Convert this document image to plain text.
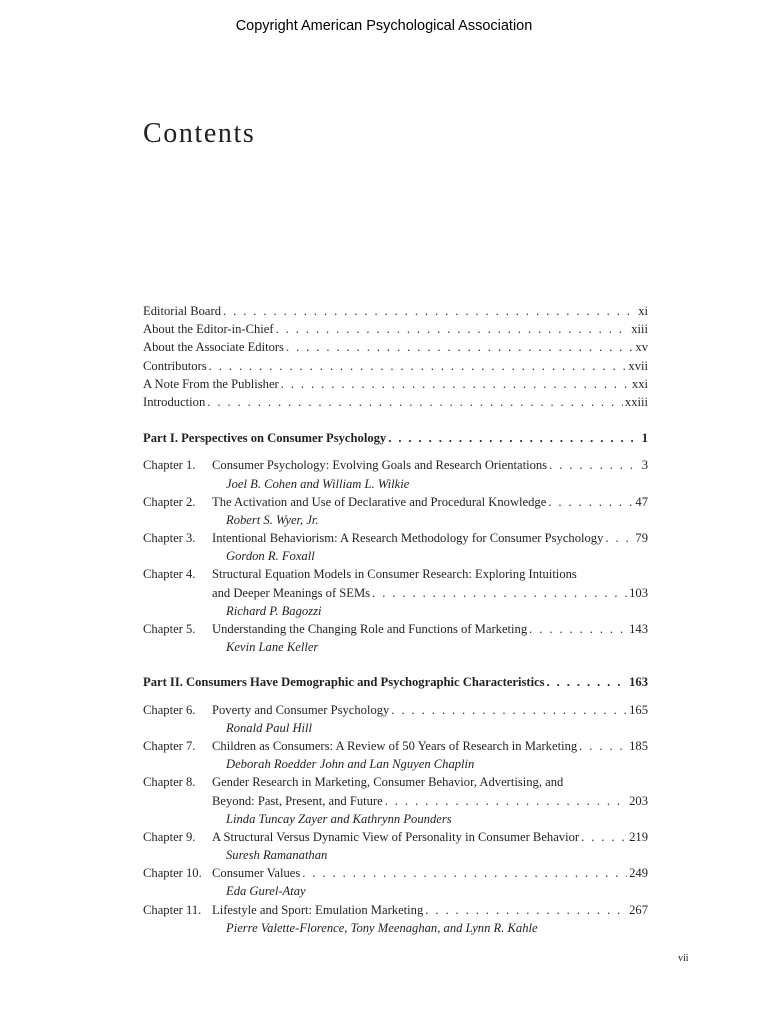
Copyright American Psychological Association
Contents
Editorial Board . . .	xi
About the Editor-in-Chief . . .	xiii
About the Associate Editors . . .	xv
Contributors . . .	xvii
A Note From the Publisher . . .	xxi
Introduction . . .	xxiii
Part I. Perspectives on Consumer Psychology . . .	1
Chapter 1.	Consumer Psychology: Evolving Goals and Research Orientations . . .	3
Joel B. Cohen and William L. Wilkie
Chapter 2.	The Activation and Use of Declarative and Procedural Knowledge . . .	47
Robert S. Wyer, Jr.
Chapter 3.	Intentional Behaviorism: A Research Methodology for Consumer Psychology . . .	79
Gordon R. Foxall
Chapter 4.	Structural Equation Models in Consumer Research: Exploring Intuitions
and Deeper Meanings of SEMs . . .	103
Richard P. Bagozzi
Chapter 5.	Understanding the Changing Role and Functions of Marketing . . .	143
Kevin Lane Keller
Part II. Consumers Have Demographic and Psychographic Characteristics . . .	163
Chapter 6.	Poverty and Consumer Psychology . . .	165
Ronald Paul Hill
Chapter 7.	Children as Consumers: A Review of 50 Years of Research in Marketing . . .	185
Deborah Roedder John and Lan Nguyen Chaplin
Chapter 8.	Gender Research in Marketing, Consumer Behavior, Advertising, and
Beyond: Past, Present, and Future . . .	203
Linda Tuncay Zayer and Kathrynn Pounders
Chapter 9.	A Structural Versus Dynamic View of Personality in Consumer Behavior . . .	219
Suresh Ramanathan
Chapter 10. Consumer Values . . .	249
Eda Gurel-Atay
Chapter 11. Lifestyle and Sport: Emulation Marketing . . .	267
Pierre Valette-Florence, Tony Meenaghan, and Lynn R. Kahle
vii
